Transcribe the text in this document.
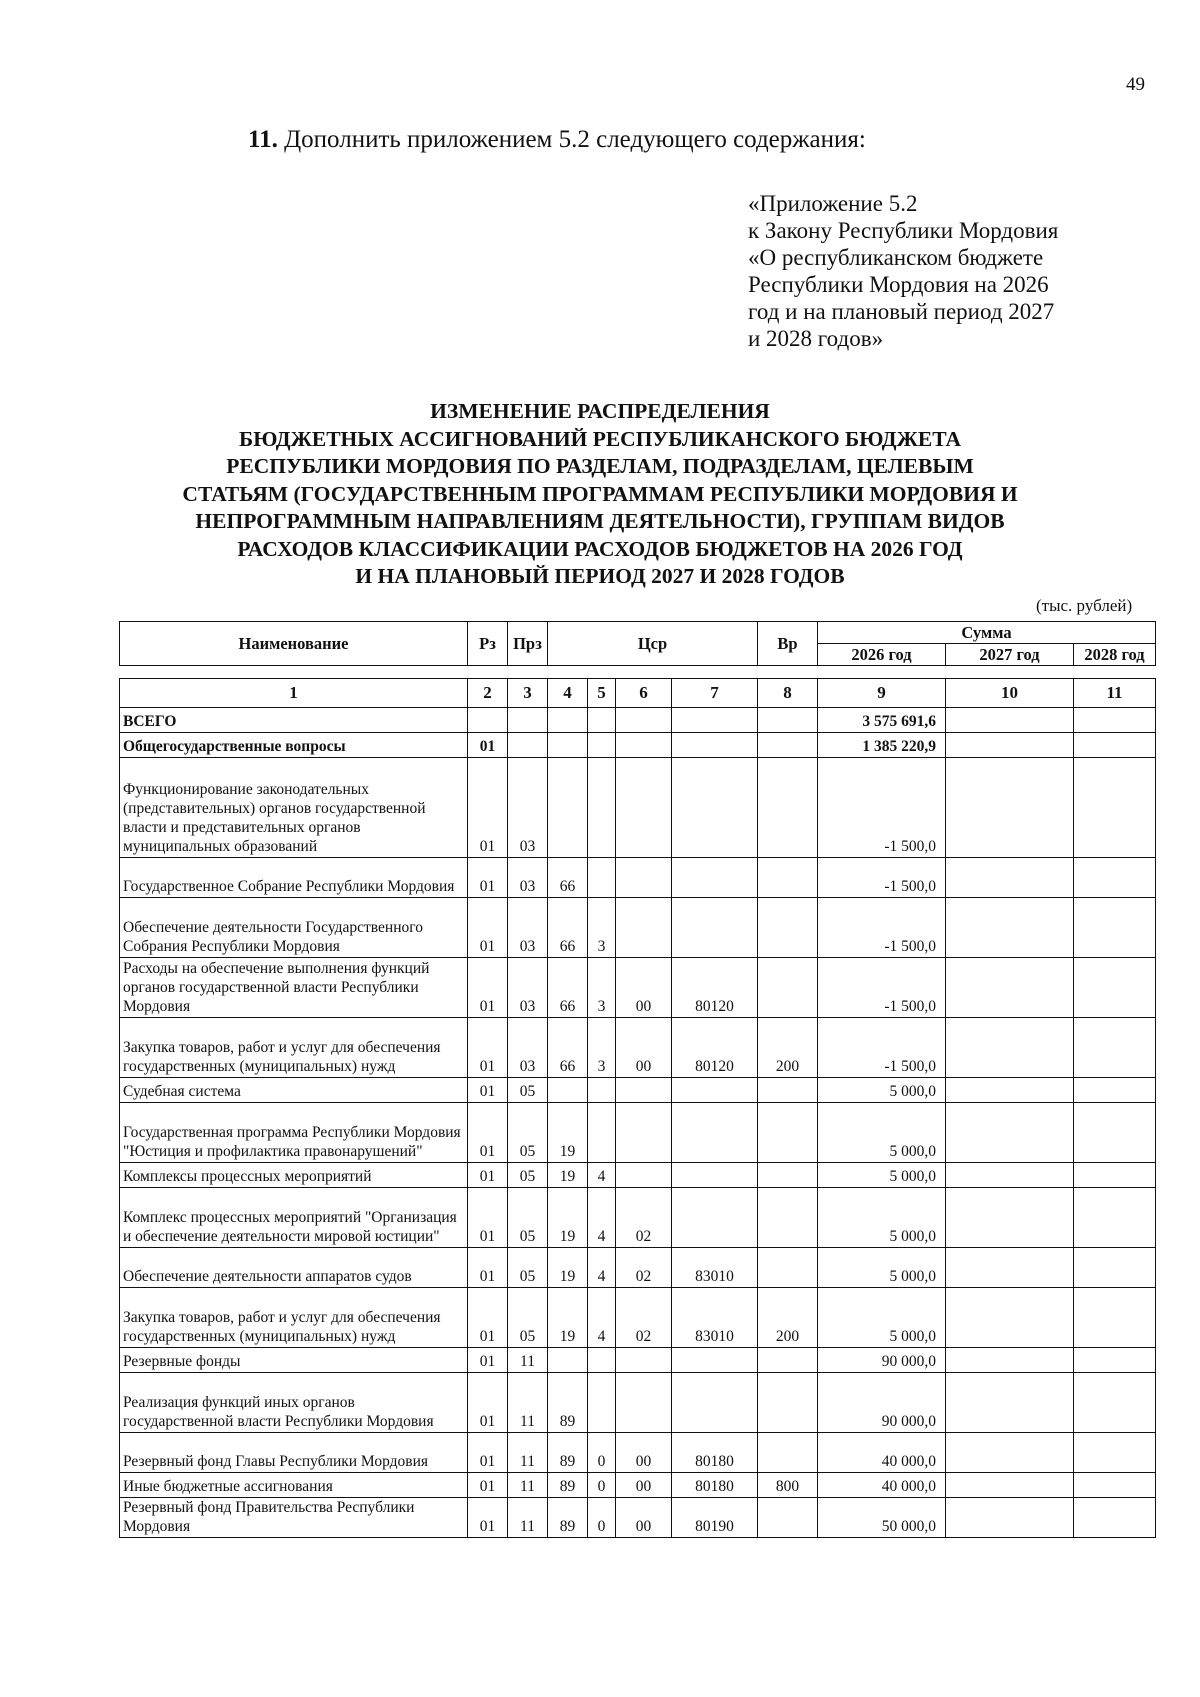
49
11. Дополнить приложением 5.2 следующего содержания:
«Приложение 5.2
к Закону Республики Мордовия
«О республиканском бюджете
Республики Мордовия на 2026
год и на плановый период 2027
и 2028 годов»
ИЗМЕНЕНИЕ РАСПРЕДЕЛЕНИЯ
БЮДЖЕТНЫХ АССИГНОВАНИЙ РЕСПУБЛИКАНСКОГО БЮДЖЕТА
РЕСПУБЛИКИ МОРДОВИЯ ПО РАЗДЕЛАМ, ПОДРАЗДЕЛАМ, ЦЕЛЕВЫМ
СТАТЬЯМ (ГОСУДАРСТВЕННЫМ ПРОГРАММАМ РЕСПУБЛИКИ МОРДОВИЯ И
НЕПРОГРАММНЫМ НАПРАВЛЕНИЯМ ДЕЯТЕЛЬНОСТИ), ГРУППАМ ВИДОВ
РАСХОДОВ КЛАССИФИКАЦИИ РАСХОДОВ БЮДЖЕТОВ НА 2026 ГОД
И НА ПЛАНОВЫЙ ПЕРИОД 2027 И 2028 ГОДОВ
(тыс. рублей)
Наименование	Рз	Прз	Цср	Вр	Сумма		
					2026 год	2027 год	2028 год
1	2	3	4	5	6	7	8	9	10	11
ВСЕГО								3 575 691,6		
Общегосударственные вопросы	01							1 385 220,9		
Функционирование законодательных (представительных) органов государственной власти и представительных органов муниципальных образований	01	03						-1 500,0		
Государственное Собрание Республики Мордовия	01	03	66					-1 500,0		
Обеспечение деятельности Государственного Собрания Республики Мордовия	01	03	66	3				-1 500,0		
Расходы на обеспечение выполнения функций органов государственной власти Республики Мордовия	01	03	66	3	00	80120		-1 500,0		
Закупка товаров, работ и услуг для обеспечения государственных (муниципальных) нужд	01	03	66	3	00	80120	200	-1 500,0		
Судебная система	01	05						5 000,0		
Государственная программа Республики Мордовия "Юстиция и профилактика правонарушений"	01	05	19					5 000,0		
Комплексы процессных мероприятий	01	05	19	4				5 000,0		
Комплекс процессных мероприятий "Организация и обеспечение деятельности мировой юстиции"	01	05	19	4	02			5 000,0		
Обеспечение деятельности аппаратов судов	01	05	19	4	02	83010		5 000,0		
Закупка товаров, работ и услуг для обеспечения государственных (муниципальных) нужд	01	05	19	4	02	83010	200	5 000,0		
Резервные фонды	01	11						90 000,0		
Реализация функций иных органов государственной власти Республики Мордовия	01	11	89					90 000,0		
Резервный фонд Главы Республики Мордовия	01	11	89	0	00	80180		40 000,0		
Иные бюджетные ассигнования	01	11	89	0	00	80180	800	40 000,0		
Резервный фонд Правительства Республики Мордовия	01	11	89	0	00	80190		50 000,0		
